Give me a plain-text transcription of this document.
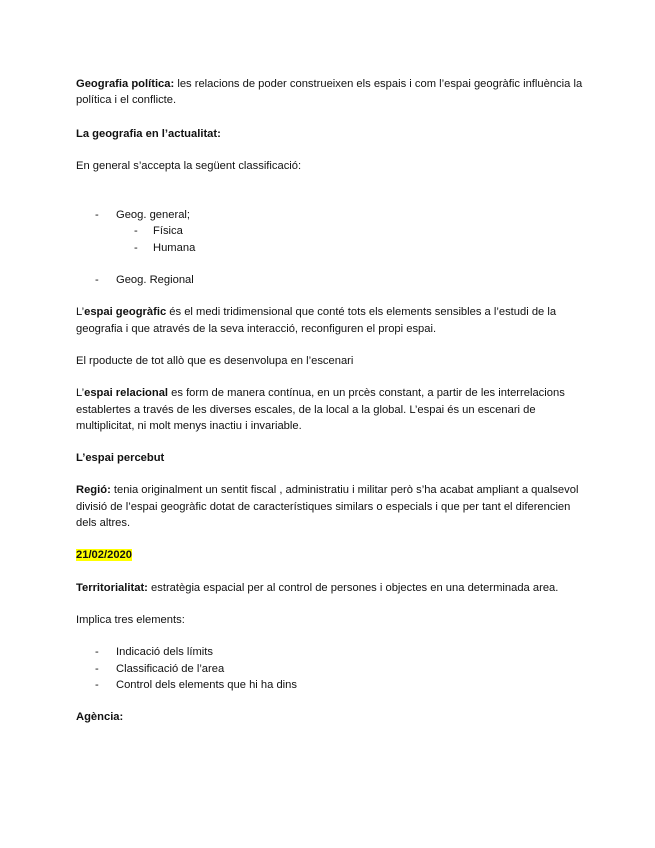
Geografia política: les relacions de poder construeixen els espais i com l’espai geogràfic influència la política i el conflicte.

La geografia en l’actualitat:

En general s’accepta la següent classificació:

- Geog. general;
- Física
- Humana
- Geog. Regional

L’espai geogràfic és el medi tridimensional que conté tots els elements sensibles a l’estudi de la geografia i que através de la seva interacció, reconfiguren el propi espai.

El rpoducte de tot allò que es desenvolupa en l’escenari

L’espai relacional es form de manera contínua, en un prcès constant, a partir de les interrelacions establertes a través de les diverses escales, de la local a la global. L’espai és un escenari de multiplicitat, ni molt menys inactiu i invariable.

L’espai percebut

Regió: tenia originalment un sentit fiscal , administratiu i militar però s’ha acabat ampliant a qualsevol divisió de l’espai geogràfic dotat de característiques similars o especials i que per tant el diferencien dels altres.

21/02/2020

Territorialitat: estratègia espacial per al control de persones i objectes en una determinada area.

Implica tres elements:

- Indicació dels límits
- Classificació de l’area
- Control dels elements que hi ha dins

Agència:
